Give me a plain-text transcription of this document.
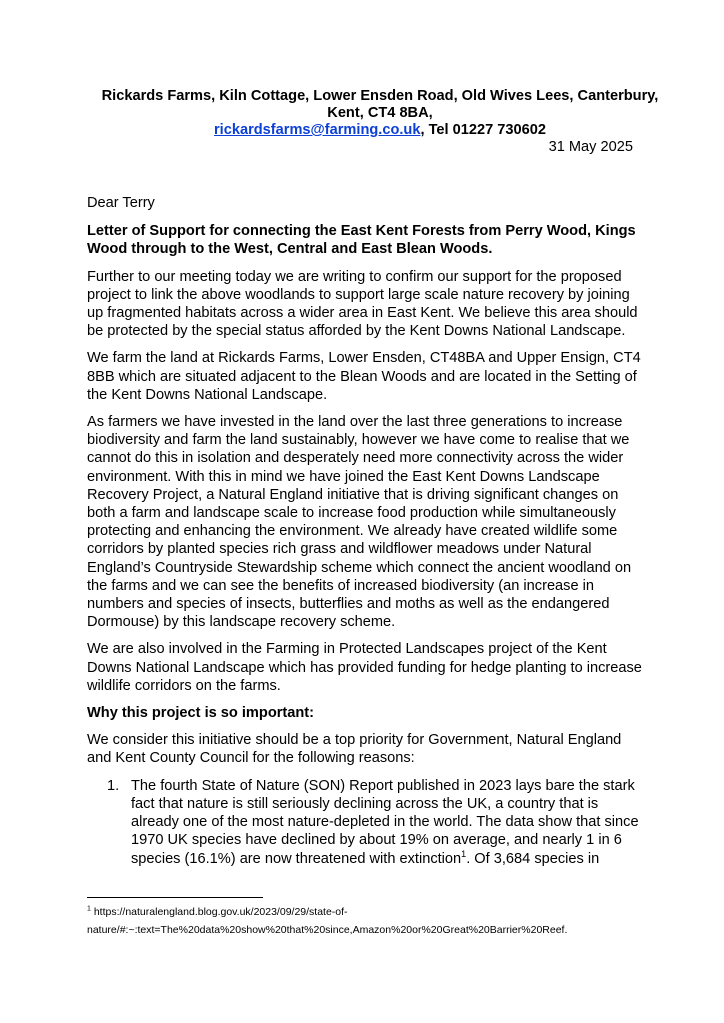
Rickards Farms, Kiln Cottage, Lower Ensden Road, Old Wives Lees, Canterbury,
Kent, CT4 8BA,
rickardsfarms@farming.co.uk, Tel 01227 730602
31 May 2025

Dear Terry

Letter of Support for connecting the East Kent Forests from Perry Wood, Kings Wood through to the West, Central and East Blean Woods.

Further to our meeting today we are writing to confirm our support for the proposed project to link the above woodlands to support large scale nature recovery by joining up fragmented habitats across a wider area in East Kent. We believe this area should be protected by the special status afforded by the Kent Downs National Landscape.

We farm the land at Rickards Farms, Lower Ensden, CT48BA and Upper Ensign, CT4 8BB which are situated adjacent to the Blean Woods and are located in the Setting of the Kent Downs National Landscape.

As farmers we have invested in the land over the last three generations to increase biodiversity and farm the land sustainably, however we have come to realise that we cannot do this in isolation and desperately need more connectivity across the wider environment. With this in mind we have joined the East Kent Downs Landscape Recovery Project, a Natural England initiative that is driving significant changes on both a farm and landscape scale to increase food production while simultaneously protecting and enhancing the environment. We already have created wildlife some corridors by planted species rich grass and wildflower meadows under Natural England’s Countryside Stewardship scheme which connect the ancient woodland on the farms and we can see the benefits of increased biodiversity (an increase in numbers and species of insects, butterflies and moths as well as the endangered Dormouse) by this landscape recovery scheme.

We are also involved in the Farming in Protected Landscapes project of the Kent Downs National Landscape which has provided funding for hedge planting to increase wildlife corridors on the farms.

Why this project is so important:

We consider this initiative should be a top priority for Government, Natural England and Kent County Council for the following reasons:

1. The fourth State of Nature (SON) Report published in 2023 lays bare the stark fact that nature is still seriously declining across the UK, a country that is already one of the most nature-depleted in the world. The data show that since 1970 UK species have declined by about 19% on average, and nearly 1 in 6 species (16.1%) are now threatened with extinction$^1$. Of 3,684 species in
$^1$ https://naturalengland.blog.gov.uk/2023/09/29/state-of-nature/#:~:text=The%20data%20show%20that%20since,Amazon%20or%20Great%20Barrier%20Reef.
